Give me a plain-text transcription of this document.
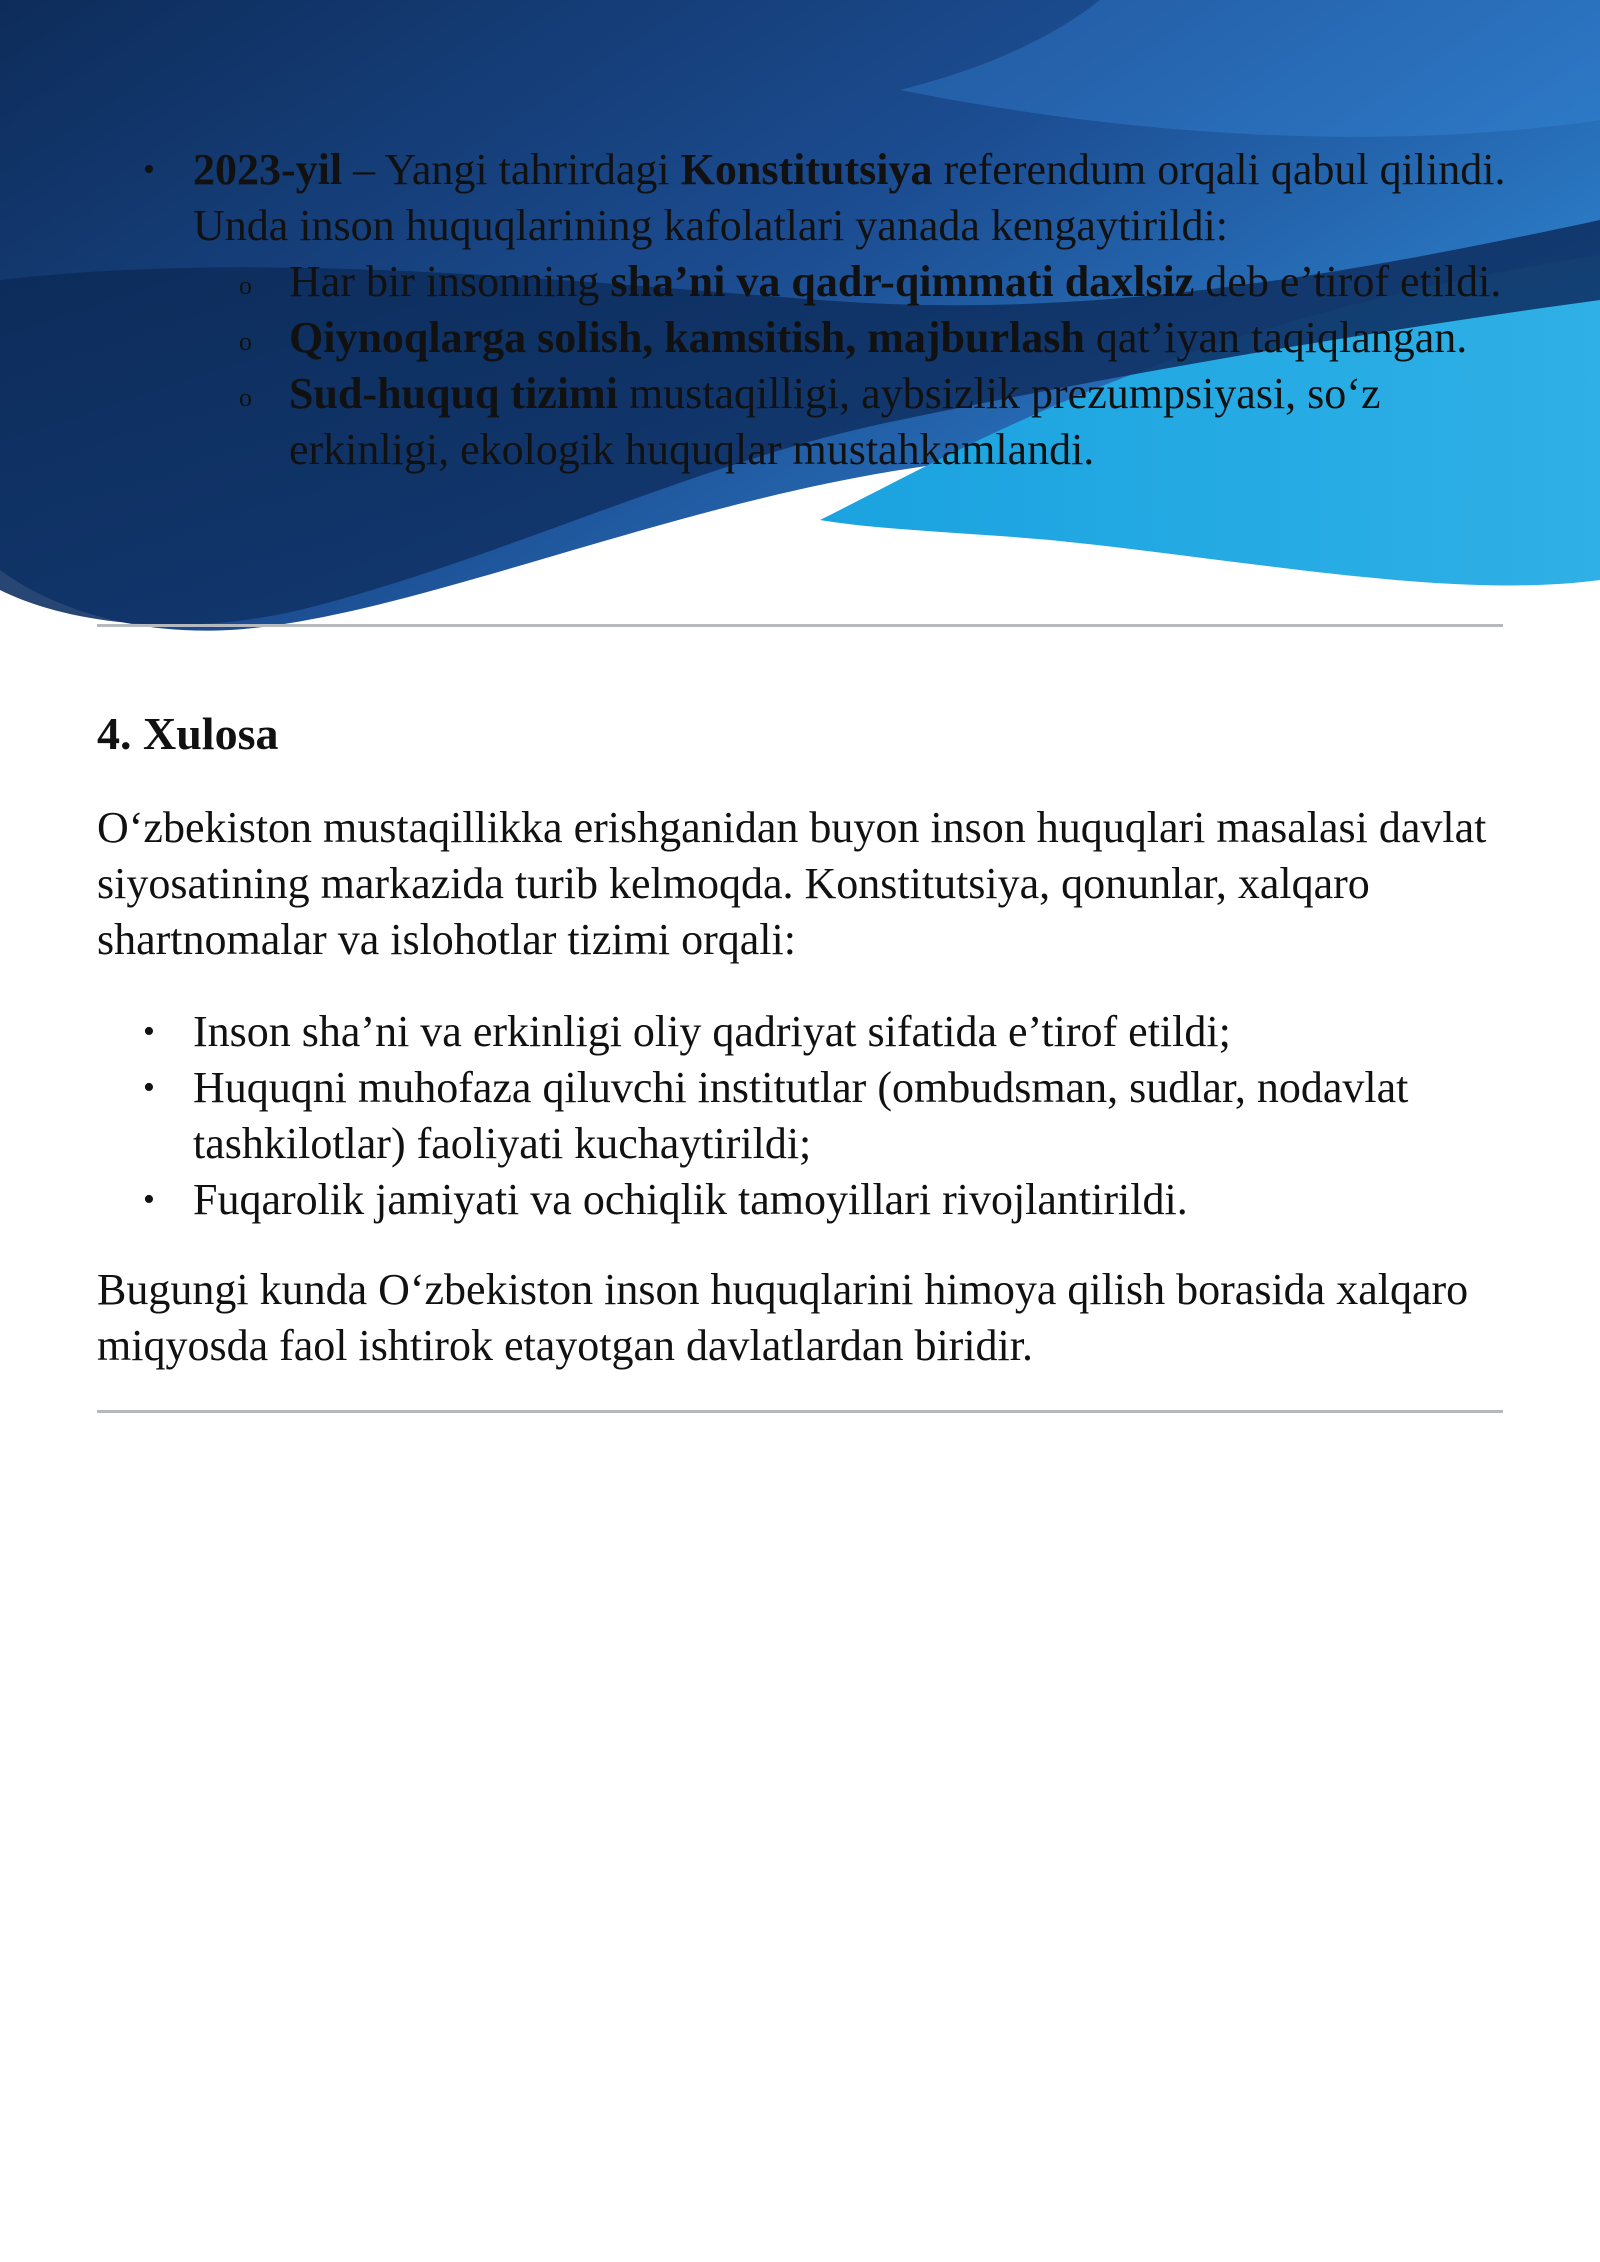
• 2023-yil – Yangi tahrirdagi Konstitutsiya referendum orqali qabul qilindi. Unda inson huquqlarining kafolatlari yanada kengaytirildi:
o Har bir insonning sha’ni va qadr-qimmati daxlsiz deb e’tirof etildi.
o Qiynoqlarga solish, kamsitish, majburlash qat’iyan taqiqlangan.
o Sud-huquq tizimi mustaqilligi, aybsizlik prezumpsiyasi, so‘z erkinligi, ekologik huquqlar mustahkamlandi.
4. Xulosa

O‘zbekiston mustaqillikka erishganidan buyon inson huquqlari masalasi davlat siyosatining markazida turib kelmoqda. Konstitutsiya, qonunlar, xalqaro shartnomalar va islohotlar tizimi orqali:

• Inson sha’ni va erkinligi oliy qadriyat sifatida e’tirof etildi;
• Huquqni muhofaza qiluvchi institutlar (ombudsman, sudlar, nodavlat tashkilotlar) faoliyati kuchaytirildi;
• Fuqarolik jamiyati va ochiqlik tamoyillari rivojlantirildi.

Bugungi kunda O‘zbekiston inson huquqlarini himoya qilish borasida xalqaro miqyosda faol ishtirok etayotgan davlatlardan biridir.
